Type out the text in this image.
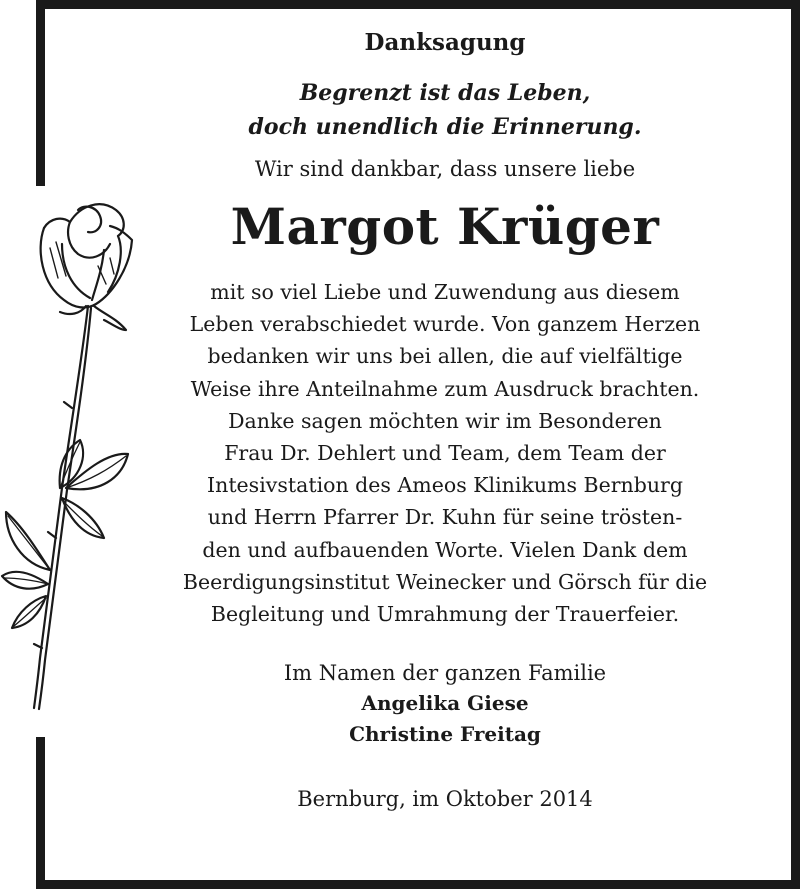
Danksagung
Begrenzt ist das Leben,
doch unendlich die Erinnerung.
Wir sind dankbar, dass unsere liebe
Margot Krüger
mit so viel Liebe und Zuwendung aus diesem
Leben verabschiedet wurde. Von ganzem Herzen
bedanken wir uns bei allen, die auf vielfältige
Weise ihre Anteilnahme zum Ausdruck brachten.
Danke sagen möchten wir im Besonderen
Frau Dr. Dehlert und Team, dem Team der
Intesivstation des Ameos Klinikums Bernburg
und Herrn Pfarrer Dr. Kuhn für seine trösten-
den und aufbauenden Worte. Vielen Dank dem
Beerdigungsinstitut Weinecker und Görsch für die
Begleitung und Umrahmung der Trauerfeier.
Im Namen der ganzen Familie
Angelika Giese
Christine Freitag
Bernburg, im Oktober 2014
